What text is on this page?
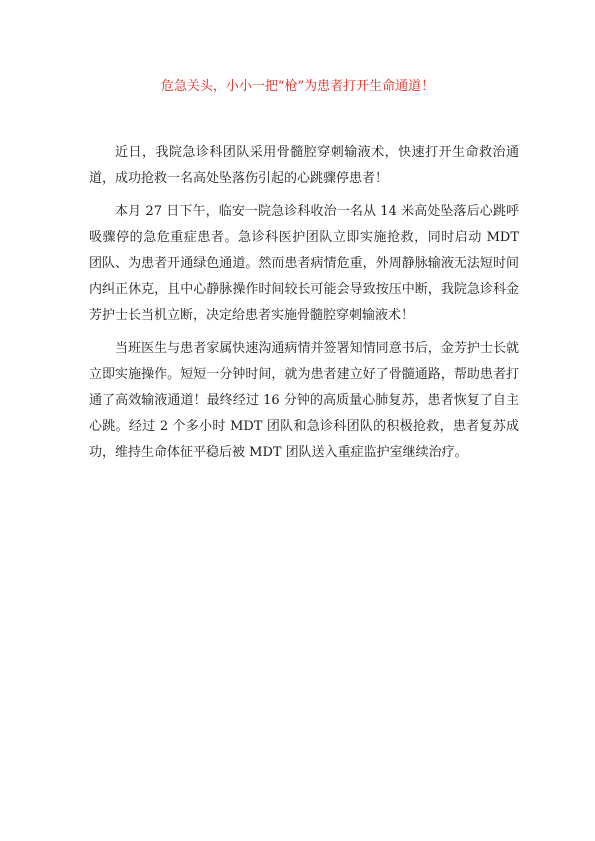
危急关头，小小一把“枪”为患者打开生命通道！

近日，我院急诊科团队采用骨髓腔穿刺输液术，快速打开生命救治通道，成功抢救一名高处坠落伤引起的心跳骤停患者！

本月 27 日下午，临安一院急诊科收治一名从 14 米高处坠落后心跳呼吸骤停的急危重症患者。急诊科医护团队立即实施抢救，同时启动 MDT 团队、为患者开通绿色通道。然而患者病情危重，外周静脉输液无法短时间内纠正休克，且中心静脉操作时间较长可能会导致按压中断，我院急诊科金芳护士长当机立断，决定给患者实施骨髓腔穿刺输液术！

当班医生与患者家属快速沟通病情并签署知情同意书后，金芳护士长就立即实施操作。短短一分钟时间，就为患者建立好了骨髓通路，帮助患者打通了高效输液通道！最终经过 16 分钟的高质量心肺复苏，患者恢复了自主心跳。经过 2 个多小时 MDT 团队和急诊科团队的积极抢救，患者复苏成功，维持生命体征平稳后被 MDT 团队送入重症监护室继续治疗。
